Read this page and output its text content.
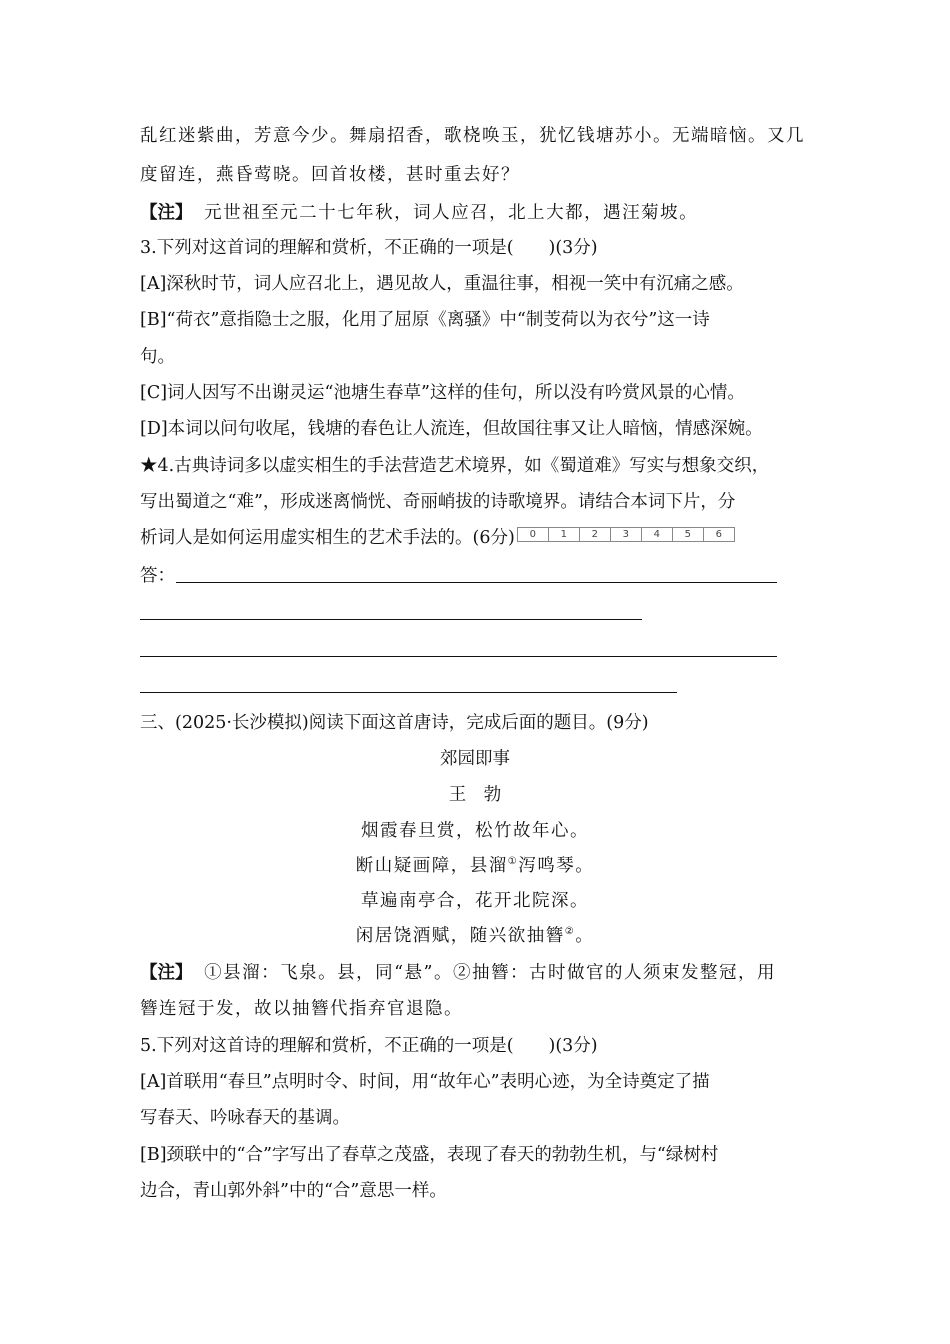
乱红迷紫曲，芳意今少。舞扇招香，歌桡唤玉，犹忆钱塘苏小。无端暗恼。又几
度留连，燕昏莺晓。回首妆楼，甚时重去好？
【注】 元世祖至元二十七年秋，词人应召，北上大都，遇汪菊坡。
3.下列对这首词的理解和赏析，不正确的一项是(　　)(3分)
[A]深秋时节，词人应召北上，遇见故人，重温往事，相视一笑中有沉痛之感。
[B]“荷衣”意指隐士之服，化用了屈原《离骚》中“制芰荷以为衣兮”这一诗
句。
[C]词人因写不出谢灵运“池塘生春草”这样的佳句，所以没有吟赏风景的心情。
[D]本词以问句收尾，钱塘的春色让人流连，但故国往事又让人暗恼，情感深婉。
★4.古典诗词多以虚实相生的手法营造艺术境界，如《蜀道难》写实与想象交织，
写出蜀道之“难”，形成迷离惝恍、奇丽峭拔的诗歌境界。请结合本词下片，分
析词人是如何运用虚实相生的艺术手法的。(6分)	0	1	2	3	4	5	6
答：
三、(2025·长沙模拟)阅读下面这首唐诗，完成后面的题目。(9分)
郊园即事
王　勃
烟霞春旦赏，松竹故年心。
断山疑画障，县溜①泻鸣琴。
草遍南亭合，花开北院深。
闲居饶酒赋，随兴欲抽簪②。
【注】 ①县溜：飞泉。县，同“悬”。②抽簪：古时做官的人须束发整冠，用
簪连冠于发，故以抽簪代指弃官退隐。
5.下列对这首诗的理解和赏析，不正确的一项是(　　)(3分)
[A]首联用“春旦”点明时令、时间，用“故年心”表明心迹，为全诗奠定了描
写春天、吟咏春天的基调。
[B]颈联中的“合”字写出了春草之茂盛，表现了春天的勃勃生机，与“绿树村
边合，青山郭外斜”中的“合”意思一样。
